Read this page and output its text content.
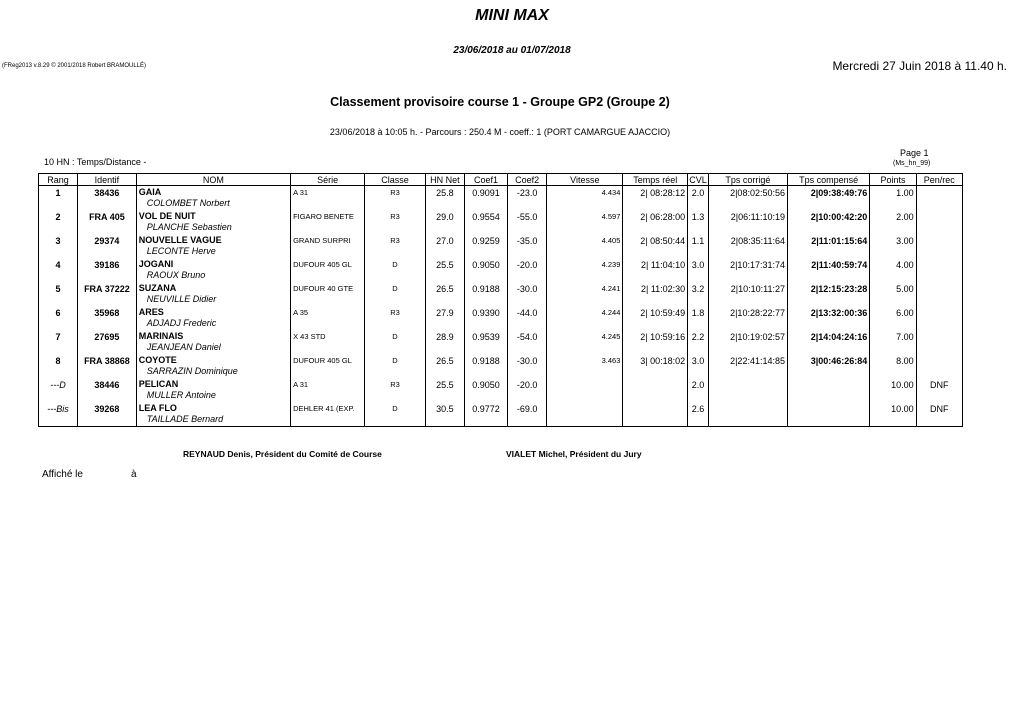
MINI MAX
23/06/2018 au 01/07/2018
(FReg2013 v.8.29 © 2001/2018 Robert BRAMOULLÉ)	Mercredi 27 Juin 2018 à 11.40 h.
Classement provisoire course 1 - Groupe GP2 (Groupe 2)
23/06/2018 à 10:05 h. - Parcours : 250.4 M - coeff.: 1 (PORT CAMARGUE AJACCIO)
Page 1
(Ms_hn_99)
10 HN : Temps/Distance -
Rang	Identif	NOM	Série	Classe	HN Net	Coef1	Coef2	Vitesse	Temps réel	CVL	Tps corrigé	Tps compensé	Points	Pen/rec

1	38436	GAIA
COLOMBET Norbert	A 31	R3	25.8	0.9091	-23.0	4.434	2| 08:28:12	2.0	2|08:02:50:56	2|09:38:49:76	1.00	

2	FRA 405	VOL DE NUIT
PLANCHE Sebastien	FIGARO BENETE	R3	29.0	0.9554	-55.0	4.597	2| 06:28:00	1.3	2|06:11:10:19	2|10:00:42:20	2.00	

3	29374	NOUVELLE VAGUE
LECONTE Herve	GRAND SURPRI	R3	27.0	0.9259	-35.0	4.405	2| 08:50:44	1.1	2|08:35:11:64	2|11:01:15:64	3.00	

4	39186	JOGANI
RAOUX Bruno	DUFOUR 405 GL	D	25.5	0.9050	-20.0	4.239	2| 11:04:10	3.0	2|10:17:31:74	2|11:40:59:74	4.00	

5	FRA 37222	SUZANA
NEUVILLE Didier	DUFOUR 40 GTE	D	26.5	0.9188	-30.0	4.241	2| 11:02:30	3.2	2|10:10:11:27	2|12:15:23:28	5.00	

6	35968	ARES
ADJADJ Frederic	A 35	R3	27.9	0.9390	-44.0	4.244	2| 10:59:49	1.8	2|10:28:22:77	2|13:32:00:36	6.00	

7	27695	MARINAIS
JEANJEAN Daniel	X 43 STD	D	28.9	0.9539	-54.0	4.245	2| 10:59:16	2.2	2|10:19:02:57	2|14:04:24:16	7.00	

8	FRA 38868	COYOTE
SARRAZIN Dominique	DUFOUR 405 GL	D	26.5	0.9188	-30.0	3.463	3| 00:18:02	3.0	2|22:41:14:85	3|00:46:26:84	8.00	

---D	38446	PELICAN
MULLER Antoine	A 31	R3	25.5	0.9050	-20.0			2.0			10.00	DNF

---Bis	39268	LEA FLO
TAILLADE Bernard	DEHLER 41 (EXP.	D	30.5	0.9772	-69.0			2.6			10.00	DNF
REYNAUD Denis, Président du Comité de Course	VIALET Michel, Président du Jury
Affiché le	à
